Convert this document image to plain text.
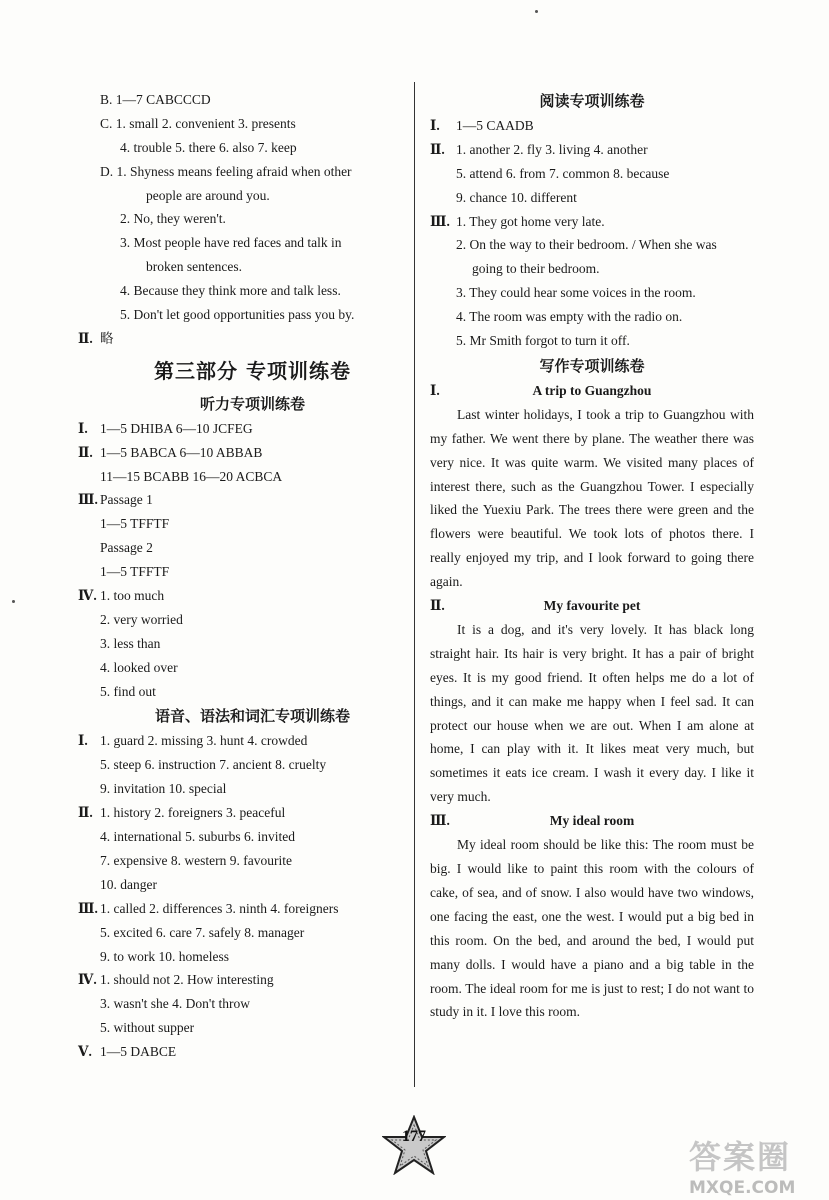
B. 1—7 CABCCCD
C. 1. small 2. convenient 3. presents
4. trouble 5. there 6. also 7. keep
D. 1. Shyness means feeling afraid when other
people are around you.
2. No, they weren't.
3. Most people have red faces and talk in
broken sentences.
4. Because they think more and talk less.
5. Don't let good opportunities pass you by.
Ⅱ. 略
第三部分 专项训练卷
听力专项训练卷
Ⅰ. 1—5 DHIBA 6—10 JCFEG
Ⅱ. 1—5 BABCA 6—10 ABBAB
11—15 BCABB 16—20 ACBCA
Ⅲ. Passage 1
1—5 TFFTF
Passage 2
1—5 TFFTF
Ⅳ. 1. too much
2. very worried
3. less than
4. looked over
5. find out
语音、语法和词汇专项训练卷
Ⅰ. 1. guard 2. missing 3. hunt 4. crowded
5. steep 6. instruction 7. ancient 8. cruelty
9. invitation 10. special
Ⅱ. 1. history 2. foreigners 3. peaceful
4. international 5. suburbs 6. invited
7. expensive 8. western 9. favourite
10. danger
Ⅲ. 1. called 2. differences 3. ninth 4. foreigners
5. excited 6. care 7. safely 8. manager
9. to work 10. homeless
Ⅳ. 1. should not 2. How interesting
3. wasn't she 4. Don't throw
5. without supper
Ⅴ. 1—5 DABCE
阅读专项训练卷
Ⅰ. 1—5 CAADB
Ⅱ. 1. another 2. fly 3. living 4. another
5. attend 6. from 7. common 8. because
9. chance 10. different
Ⅲ. 1. They got home very late.
2. On the way to their bedroom. / When she was
going to their bedroom.
3. They could hear some voices in the room.
4. The room was empty with the radio on.
5. Mr Smith forgot to turn it off.
写作专项训练卷
Ⅰ.	A trip to Guangzhou

Last winter holidays, I took a trip to Guangzhou with my father. We went there by plane. The weather there was very nice. It was quite warm. We visited many places of interest there, such as the Guangzhou Tower. I especially liked the Yuexiu Park. The trees there were green and the flowers were beautiful. We took lots of photos there. I really enjoyed my trip, and I look forward to going there again.

Ⅱ.	My favourite pet

It is a dog, and it's very lovely. It has black long straight hair. Its hair is very bright. It has a pair of bright eyes. It is my good friend. It often helps me do a lot of things, and it can make me happy when I feel sad. It can protect our house when we are out. When I am alone at home, I can play with it. It likes meat very much, but sometimes it eats ice cream. I wash it every day. I like it very much.

Ⅲ.	My ideal room

My ideal room should be like this: The room must be big. I would like to paint this room with the colours of cake, of sea, and of snow. I also would have two windows, one facing the east, one the west. I would put a big bed in this room. On the bed, and around the bed, I would put many dolls. I would have a piano and a big table in the room. The ideal room for me is just to rest; I do not want to study in it. I love this room.

177
答案圈
MXQE.COM
